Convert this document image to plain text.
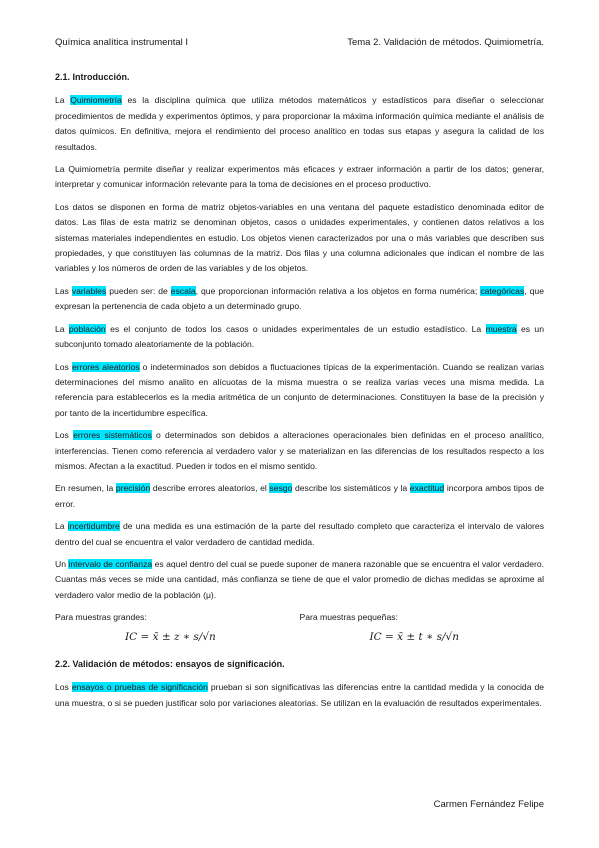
Química analítica instrumental I	Tema 2. Validación de métodos. Quimiometría.
2.1. Introducción.

La Quimiometría es la disciplina química que utiliza métodos matemáticos y estadísticos para diseñar o seleccionar procedimientos de medida y experimentos óptimos, y para proporcionar la máxima información química mediante el análisis de datos químicos. En definitiva, mejora el rendimiento del proceso analítico en todas sus etapas y asegura la calidad de los resultados.

La Quimiometría permite diseñar y realizar experimentos más eficaces y extraer información a partir de los datos; generar, interpretar y comunicar información relevante para la toma de decisiones en el proceso productivo.

Los datos se disponen en forma de matriz objetos-variables en una ventana del paquete estadístico denominada editor de datos. Las filas de esta matriz se denominan objetos, casos o unidades experimentales, y contienen datos relativos a los sistemas materiales independientes en estudio. Los objetos vienen caracterizados por una o más variables que describen sus propiedades, y que constituyen las columnas de la matriz. Dos filas y una columna adicionales que indican el nombre de las variables y los números de orden de las variables y de los objetos.

Las variables pueden ser: de escala, que proporcionan información relativa a los objetos en forma numérica; categóricas, que expresan la pertenencia de cada objeto a un determinado grupo.

La población es el conjunto de todos los casos o unidades experimentales de un estudio estadístico. La muestra es un subconjunto tomado aleatoriamente de la población.

Los errores aleatorios o indeterminados son debidos a fluctuaciones típicas de la experimentación. Cuando se realizan varias determinaciones del mismo analito en alícuotas de la misma muestra o se realiza varias veces una misma medida. La referencia para establecerlos es la media aritmética de un conjunto de determinaciones. Constituyen la base de la precisión y por tanto de la incertidumbre específica.

Los errores sistemáticos o determinados son debidos a alteraciones operacionales bien definidas en el proceso analítico, interferencias. Tienen como referencia al verdadero valor y se materializan en las diferencias de los resultados respecto a los mismos. Afectan a la exactitud. Pueden ir todos en el mismo sentido.

En resumen, la precisión describe errores aleatorios, el sesgo describe los sistemáticos y la exactitud incorpora ambos tipos de error.

La incertidumbre de una medida es una estimación de la parte del resultado completo que caracteriza el intervalo de valores dentro del cual se encuentra el valor verdadero de cantidad medida.

Un intervalo de confianza es aquel dentro del cual se puede suponer de manera razonable que se encuentra el valor verdadero. Cuantas más veces se mide una cantidad, más confianza se tiene de que el valor promedio de dichas medidas se aproxime al verdadero valor medio de la población (μ).

Para muestras grandes:	Para muestras pequeñas:
IC = x̄ ± z ∗ s/√n	IC = x̄ ± t ∗ s/√n
2.2. Validación de métodos: ensayos de significación.

Los ensayos o pruebas de significación prueban si son significativas las diferencias entre la cantidad medida y la conocida de una muestra, o si se pueden justificar solo por variaciones aleatorias. Se utilizan en la evaluación de resultados experimentales.

Carmen Fernández Felipe
